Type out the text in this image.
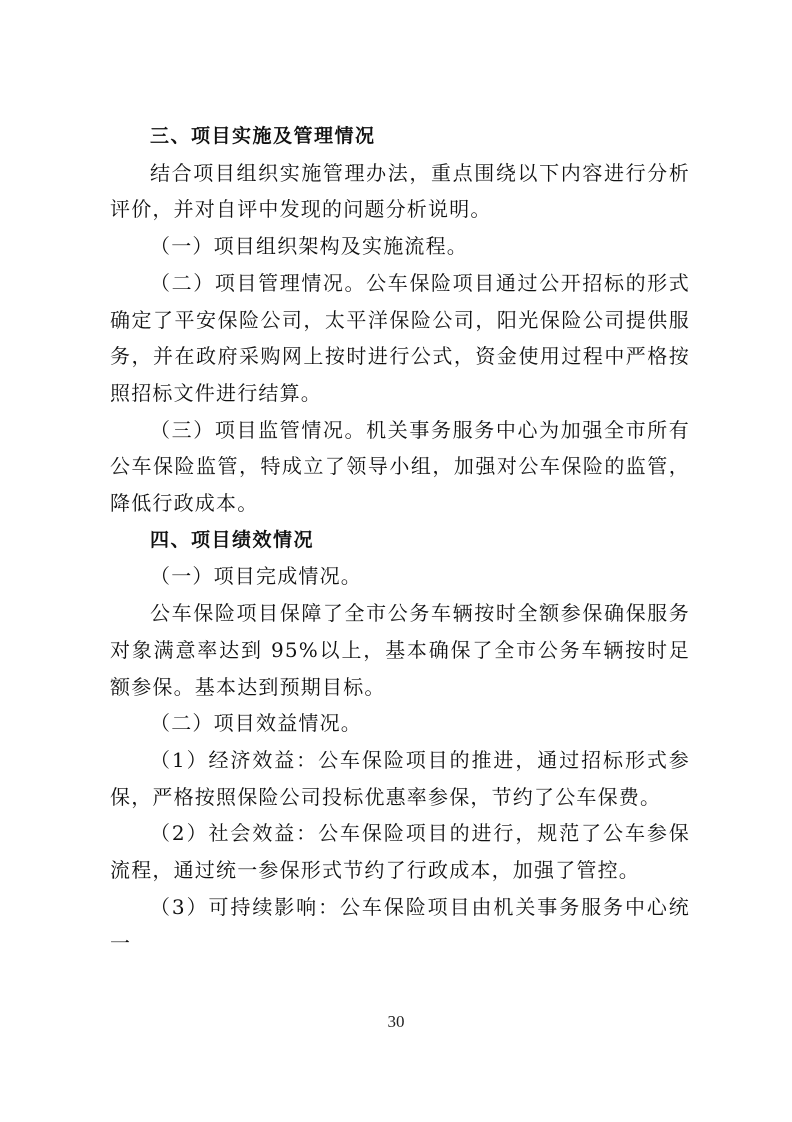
三、项目实施及管理情况

结合项目组织实施管理办法，重点围绕以下内容进行分析评价，并对自评中发现的问题分析说明。

（一）项目组织架构及实施流程。

（二）项目管理情况。公车保险项目通过公开招标的形式确定了平安保险公司，太平洋保险公司，阳光保险公司提供服务，并在政府采购网上按时进行公式，资金使用过程中严格按照招标文件进行结算。

（三）项目监管情况。机关事务服务中心为加强全市所有公车保险监管，特成立了领导小组，加强对公车保险的监管，降低行政成本。

四、项目绩效情况

（一）项目完成情况。

公车保险项目保障了全市公务车辆按时全额参保确保服务对象满意率达到 95%以上，基本确保了全市公务车辆按时足额参保。基本达到预期目标。

（二）项目效益情况。

（1）经济效益：公车保险项目的推进，通过招标形式参保，严格按照保险公司投标优惠率参保，节约了公车保费。

（2）社会效益：公车保险项目的进行，规范了公车参保流程，通过统一参保形式节约了行政成本，加强了管控。

（3）可持续影响：公车保险项目由机关事务服务中心统一

30
